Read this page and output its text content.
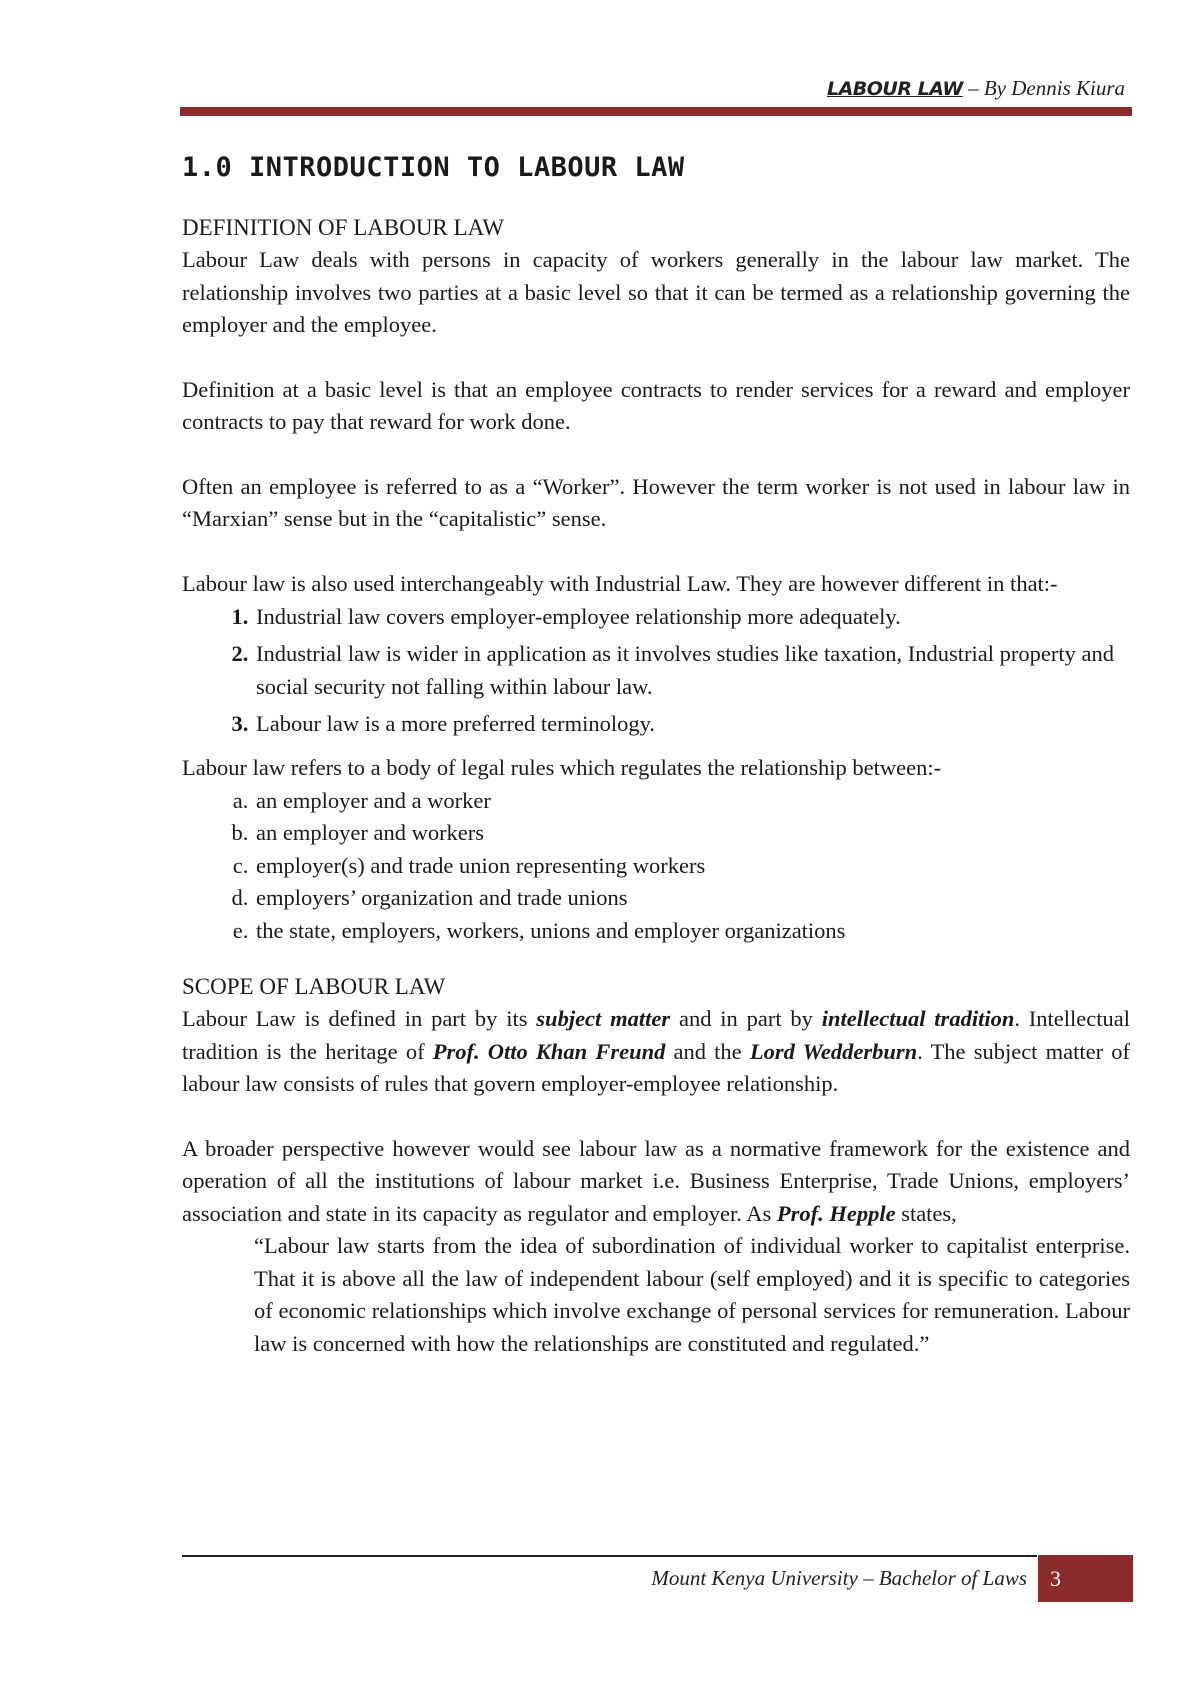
LABOUR LAW – By Dennis Kiura
1.0 INTRODUCTION TO LABOUR LAW
DEFINITION OF LABOUR LAW

Labour Law deals with persons in capacity of workers generally in the labour law market. The relationship involves two parties at a basic level so that it can be termed as a relationship governing the employer and the employee.

Definition at a basic level is that an employee contracts to render services for a reward and employer contracts to pay that reward for work done.

Often an employee is referred to as a “Worker”. However the term worker is not used in labour law in “Marxian” sense but in the “capitalistic” sense.

Labour law is also used interchangeably with Industrial Law. They are however different in that:-

1. Industrial law covers employer-employee relationship more adequately.
2. Industrial law is wider in application as it involves studies like taxation, Industrial property and social security not falling within labour law.
3. Labour law is a more preferred terminology.

Labour law refers to a body of legal rules which regulates the relationship between:-

a. an employer and a worker
b. an employer and workers
c. employer(s) and trade union representing workers
d. employers’ organization and trade unions
e. the state, employers, workers, unions and employer organizations
SCOPE OF LABOUR LAW

Labour Law is defined in part by its subject matter and in part by intellectual tradition. Intellectual tradition is the heritage of Prof. Otto Khan Freund and the Lord Wedderburn. The subject matter of labour law consists of rules that govern employer-employee relationship.

A broader perspective however would see labour law as a normative framework for the existence and operation of all the institutions of labour market i.e. Business Enterprise, Trade Unions, employers’ association and state in its capacity as regulator and employer. As Prof. Hepple states,

“Labour law starts from the idea of subordination of individual worker to capitalist enterprise. That it is above all the law of independent labour (self employed) and it is specific to categories of economic relationships which involve exchange of personal services for remuneration. Labour law is concerned with how the relationships are constituted and regulated.”

Mount Kenya University – Bachelor of Laws	3
